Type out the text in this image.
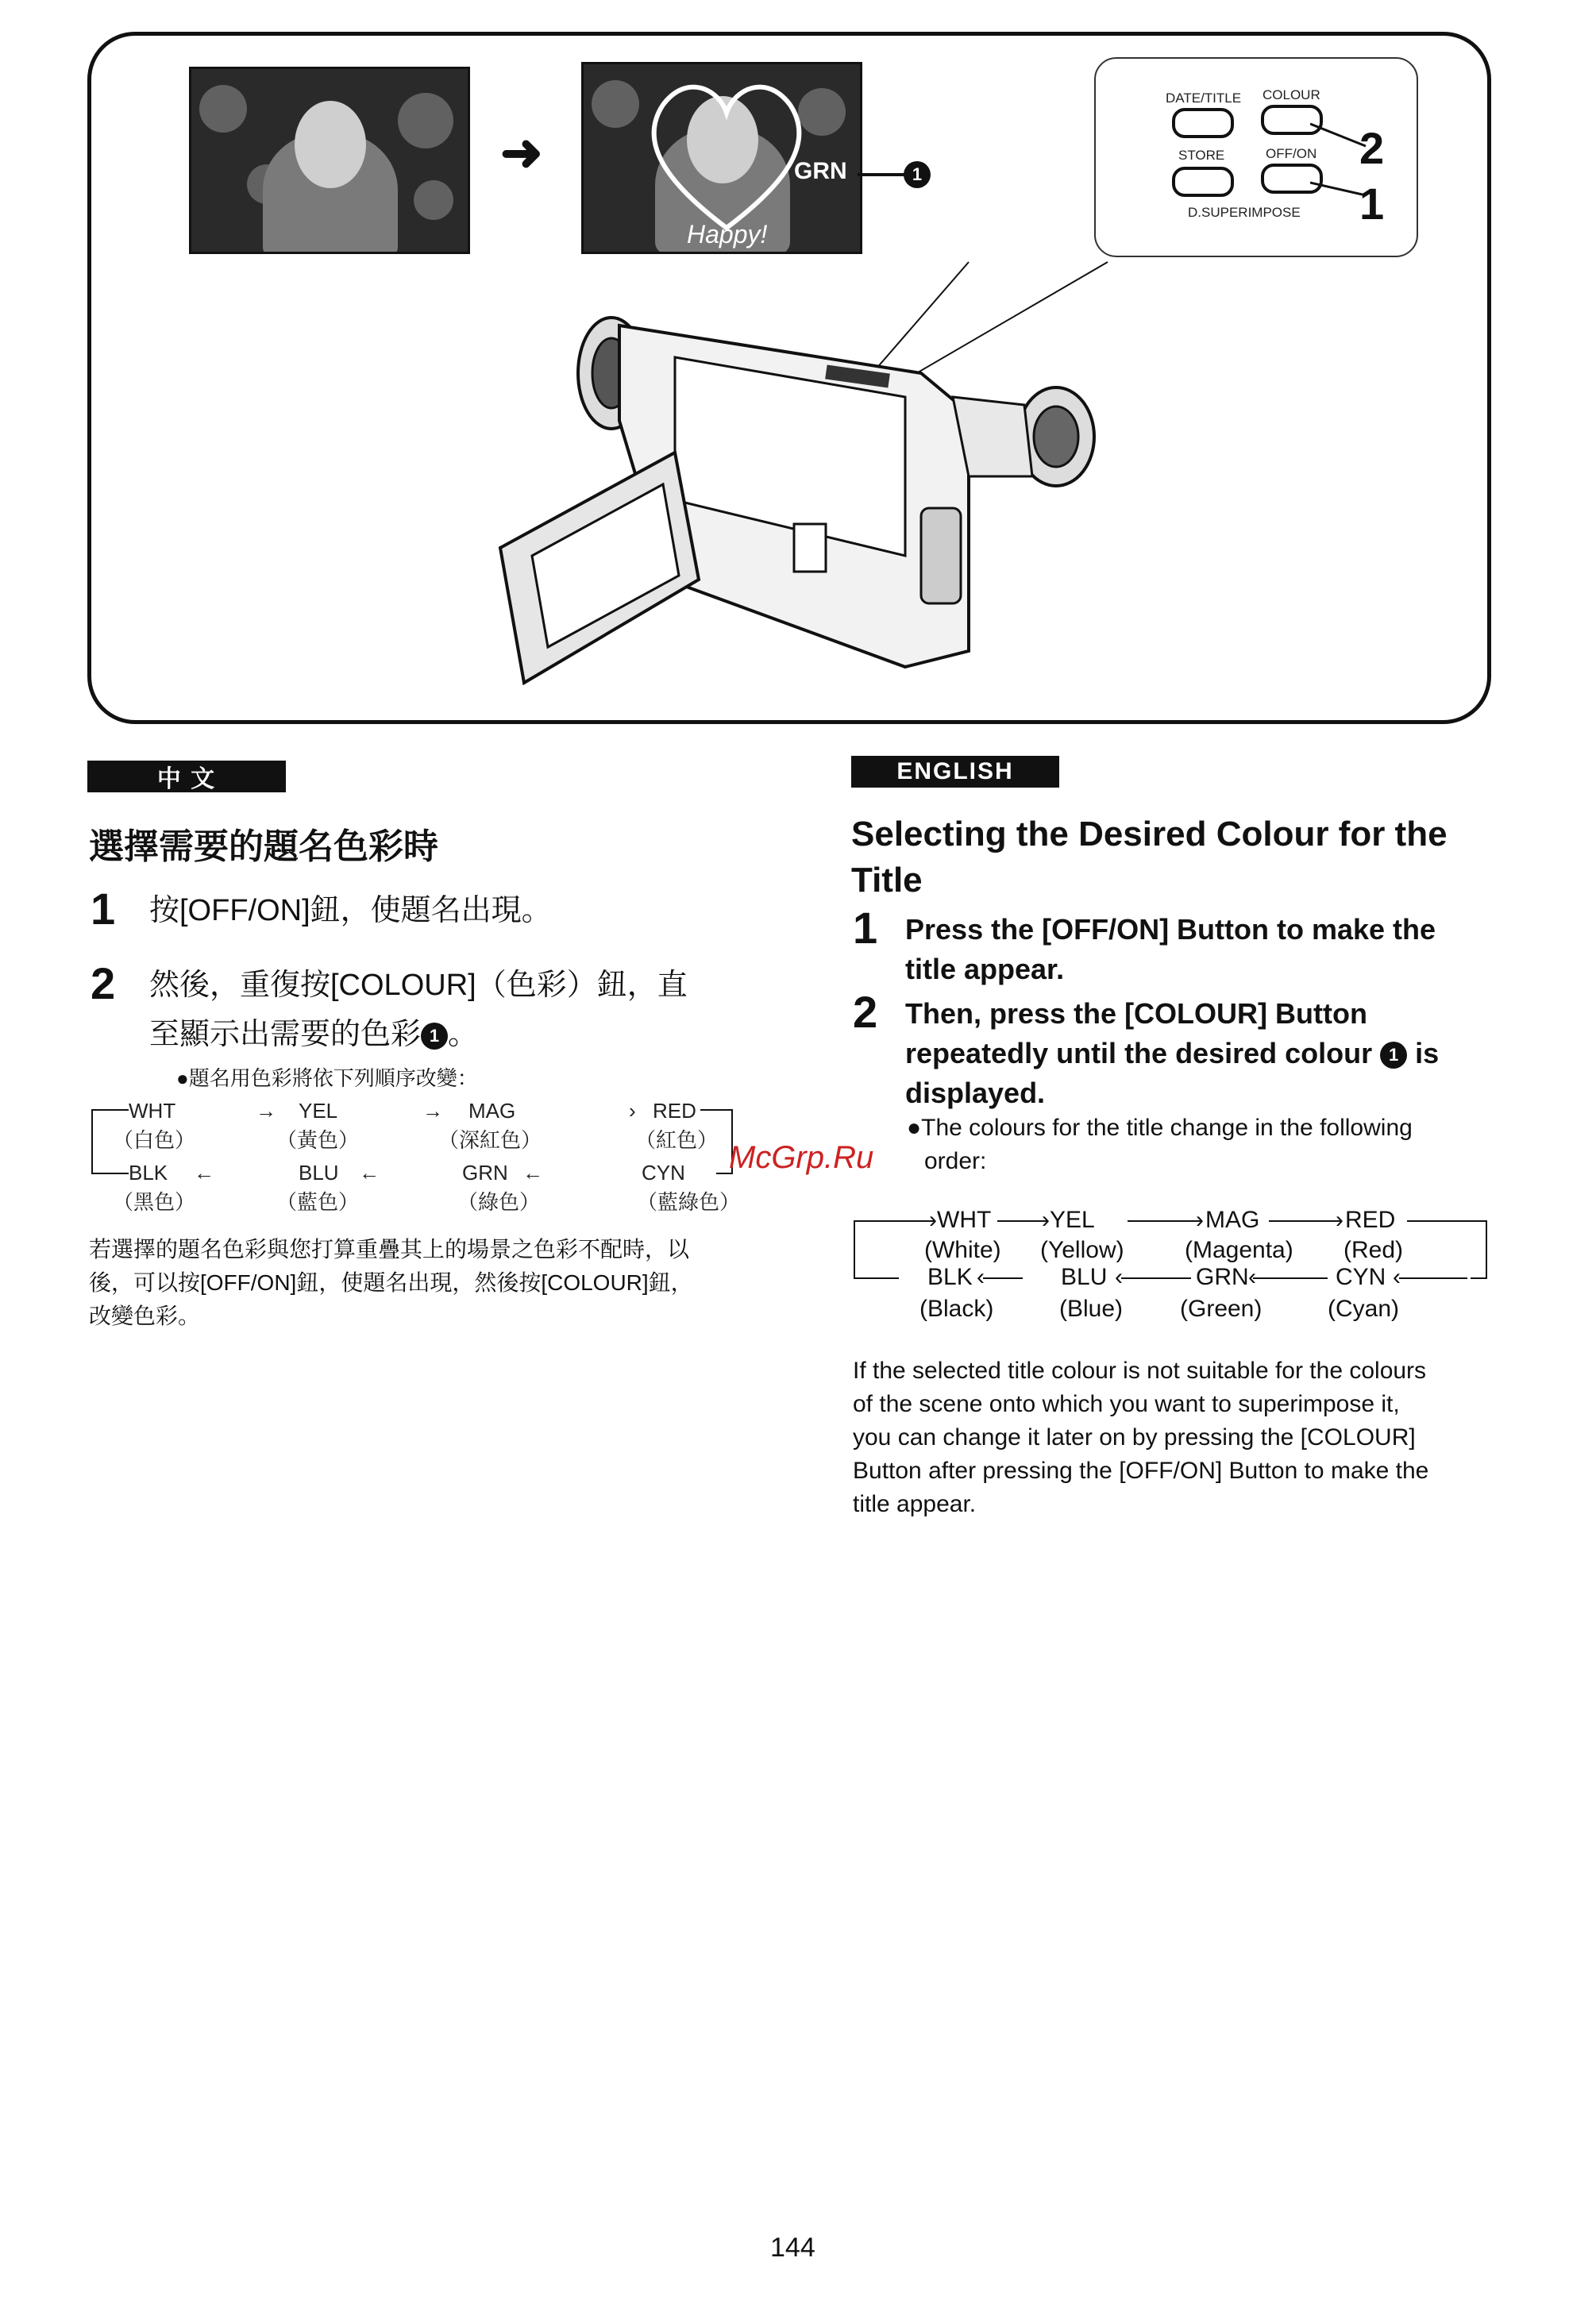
➜	GRN
Happy!
1
DATE/TITLE COLOUR
STORE	OFF/ON
D.SUPERIMPOSE
2
1
中 文
選擇需要的題名色彩時
1 按[OFF/ON]鈕，使題名出現。
2 然後，重復按[COLOUR]（色彩）鈕，直
至顯示出需要的色彩 1 。
●題名用色彩將依下列順序改變：
WHT
（白色）
→ YEL
（黃色）
→ MAG
（深紅色）
› RED
（紅色）
BLK ←
（黑色）
BLU ←
（藍色）
GRN ←
（綠色）
CYN
（藍綠色）
若選擇的題名色彩與您打算重疊其上的場景之色彩不配時，以
後，可以按[OFF/ON]鈕，使題名出現，然後按[COLOUR]鈕，
改變色彩。
ENGLISH
Selecting the Desired Colour for the
Title
1 Press the [OFF/ON] Button to make the
title appear.
2 Then, press the [COLOUR] Button
repeatedly until the desired colour 1 is
displayed.
●The colours for the title change in the following
order:
› WHT
(White)
› YEL
(Yellow)
› MAG
(Magenta)
› RED
(Red)
BLK ‹
(Black)
BLU ‹
(Blue)
GRN ‹
(Green)
CYN ‹
(Cyan)
If the selected title colour is not suitable for the colours
of the scene onto which you want to superimpose it,
you can change it later on by pressing the [COLOUR]
Button after pressing the [OFF/ON] Button to make the
title appear.
McGrp.Ru
144
